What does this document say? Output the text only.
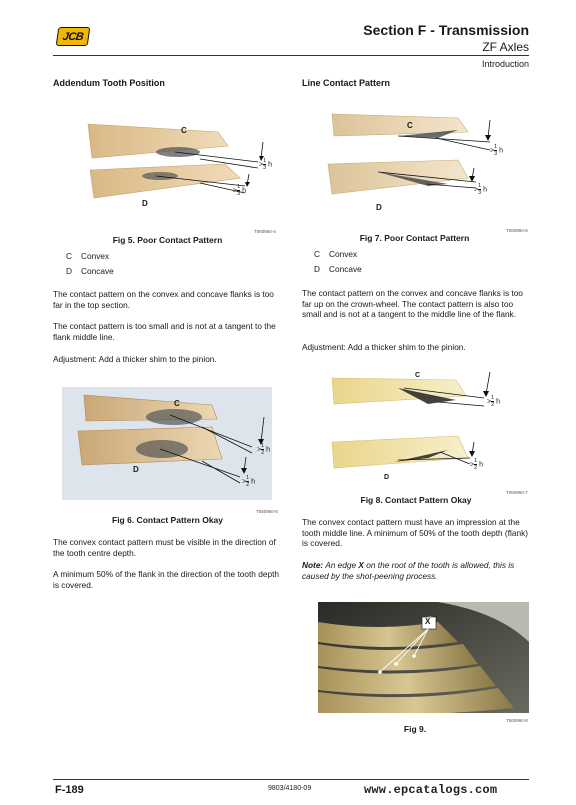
JCB	Section F - Transmission
ZF Axles
Introduction
Addendum Tooth Position
C
D
> $\frac{1}{3}$ h
> $\frac{1}{3}$ h
T060960-4
Fig 5. Poor Contact Pattern
C Convex
D Concave
The contact pattern on the convex and concave flanks is too far in the top section.
The contact pattern is too small and is not at a tangent to the flank middle line.
Adjustment: Add a thicker shim to the pinion.
C
D
> $\frac{1}{2}$ h
> $\frac{1}{2}$ h
T060960-5
Fig 6. Contact Pattern Okay
The convex contact pattern must be visible in the direction of the tooth centre depth.
A minimum 50% of the flank in the direction of the tooth depth is covered.
Line Contact Pattern
C
D
> $\frac{1}{3}$ h
> $\frac{1}{3}$ h
T060960-6
Fig 7. Poor Contact Pattern
C Convex
D Concave
The contact pattern on the convex and concave flanks is too far up on the crown-wheel. The contact pattern is also too small and is not at a tangent to the middle line of the flank.
Adjustment: Add a thicker shim to the pinion.
C
D
> $\frac{1}{2}$ h
> $\frac{1}{2}$ h
T060960-7
Fig 8. Contact Pattern Okay
The convex contact pattern must have an impression at the tooth middle line. A minimum of 50% of the tooth depth (flank) is covered.
Note: An edge X on the root of the tooth is allowed, this is caused by the shot-peening process.
X
T060960-8
Fig 9.
F-189	9803/4180-09	www.epcatalogs.com
